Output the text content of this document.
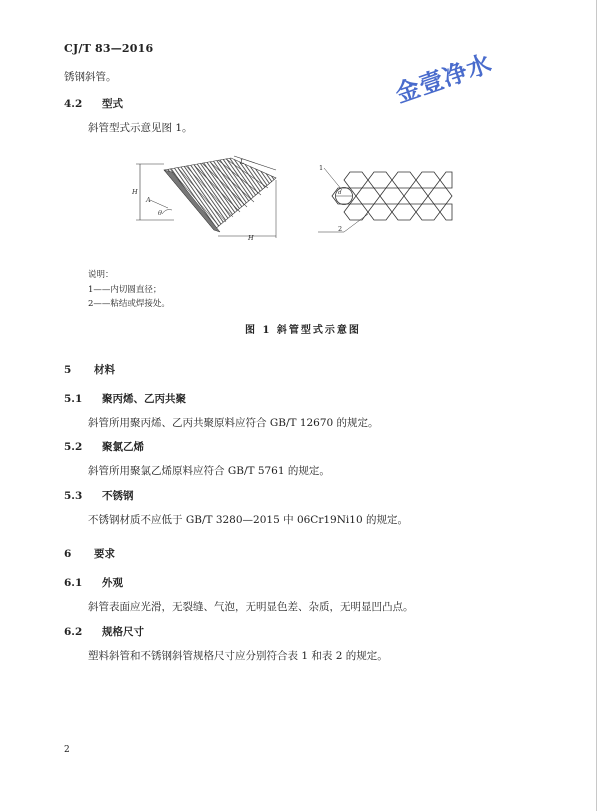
CJ/T 83—2016
金壹净水
锈钢斜管。
4.2 型式
斜管型式示意见图 1。
H
H
L
A
θ
1
2
d
说明：
1——内切圆直径；
2——粘结或焊接处。
图 1 斜管型式示意图
5 材料
5.1 聚丙烯、乙丙共聚
斜管所用聚丙烯、乙丙共聚原料应符合 GB/T 12670 的规定。
5.2 聚氯乙烯
斜管所用聚氯乙烯原料应符合 GB/T 5761 的规定。
5.3 不锈钢
不锈钢材质不应低于 GB/T 3280—2015 中 06Cr19Ni10 的规定。
6 要求
6.1 外观
斜管表面应光滑，无裂缝、气泡，无明显色差、杂质，无明显凹凸点。
6.2 规格尺寸
塑料斜管和不锈钢斜管规格尺寸应分别符合表 1 和表 2 的规定。
2
